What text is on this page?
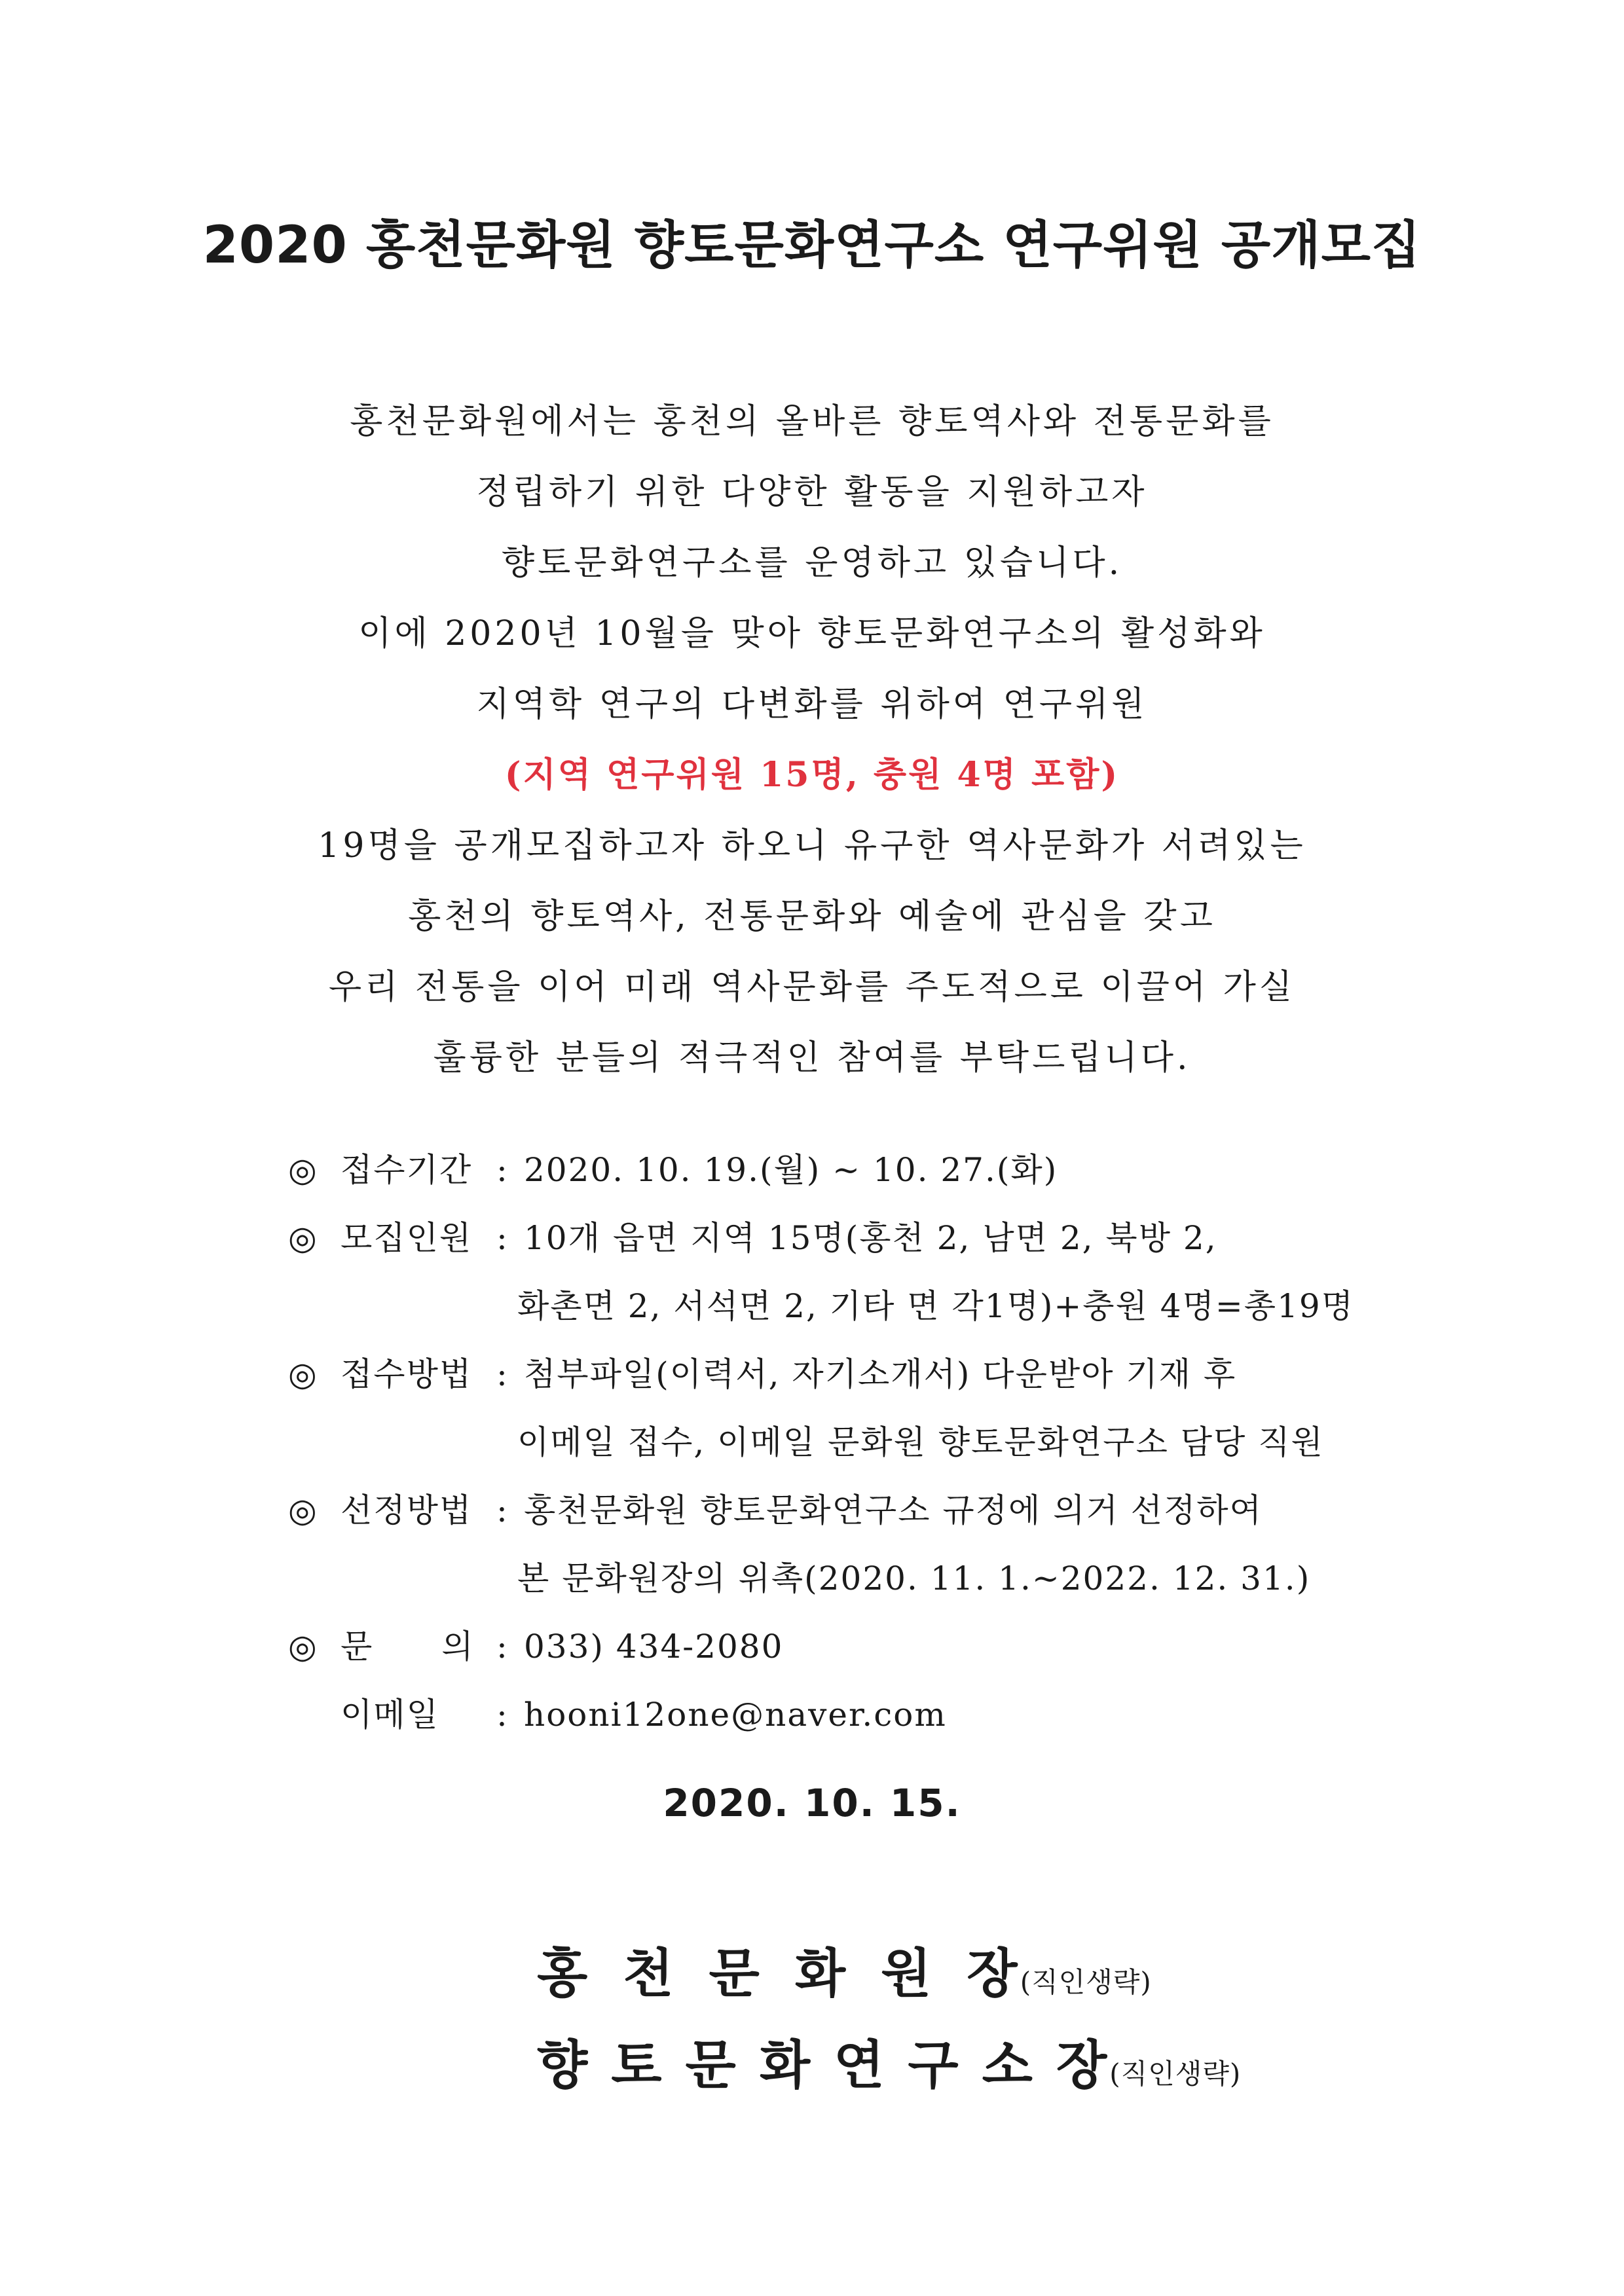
2020 홍천문화원 향토문화연구소 연구위원 공개모집
홍천문화원에서는 홍천의 올바른 향토역사와 전통문화를
정립하기 위한 다양한 활동을 지원하고자
향토문화연구소를 운영하고 있습니다.
이에 2020년 10월을 맞아 향토문화연구소의 활성화와
지역학 연구의 다변화를 위하여 연구위원
(지역 연구위원 15명, 충원 4명 포함)
19명을 공개모집하고자 하오니 유구한 역사문화가 서려있는
홍천의 향토역사, 전통문화와 예술에 관심을 갖고
우리 전통을 이어 미래 역사문화를 주도적으로 이끌어 가실
훌륭한 분들의 적극적인 참여를 부탁드립니다.
◎ 접수기간 : 2020. 10. 19.(월) ~ 10. 27.(화)
◎ 모집인원 : 10개 읍면 지역 15명(홍천 2, 남면 2, 북방 2,
화촌면 2, 서석면 2, 기타 면 각1명)+충원 4명=총19명
◎ 접수방법 : 첨부파일(이력서, 자기소개서) 다운받아 기재 후
이메일 접수, 이메일 문화원 향토문화연구소 담당 직원
◎ 선정방법 : 홍천문화원 향토문화연구소 규정에 의거 선정하여
본 문화원장의 위촉(2020. 11. 1.~2022. 12. 31.)
◎ 문　　의 : 033) 434-2080
이메일 : hooni12one@naver.com
2020. 10. 15.
홍천문화원장(직인생략)
향토문화연구소장(직인생략)
